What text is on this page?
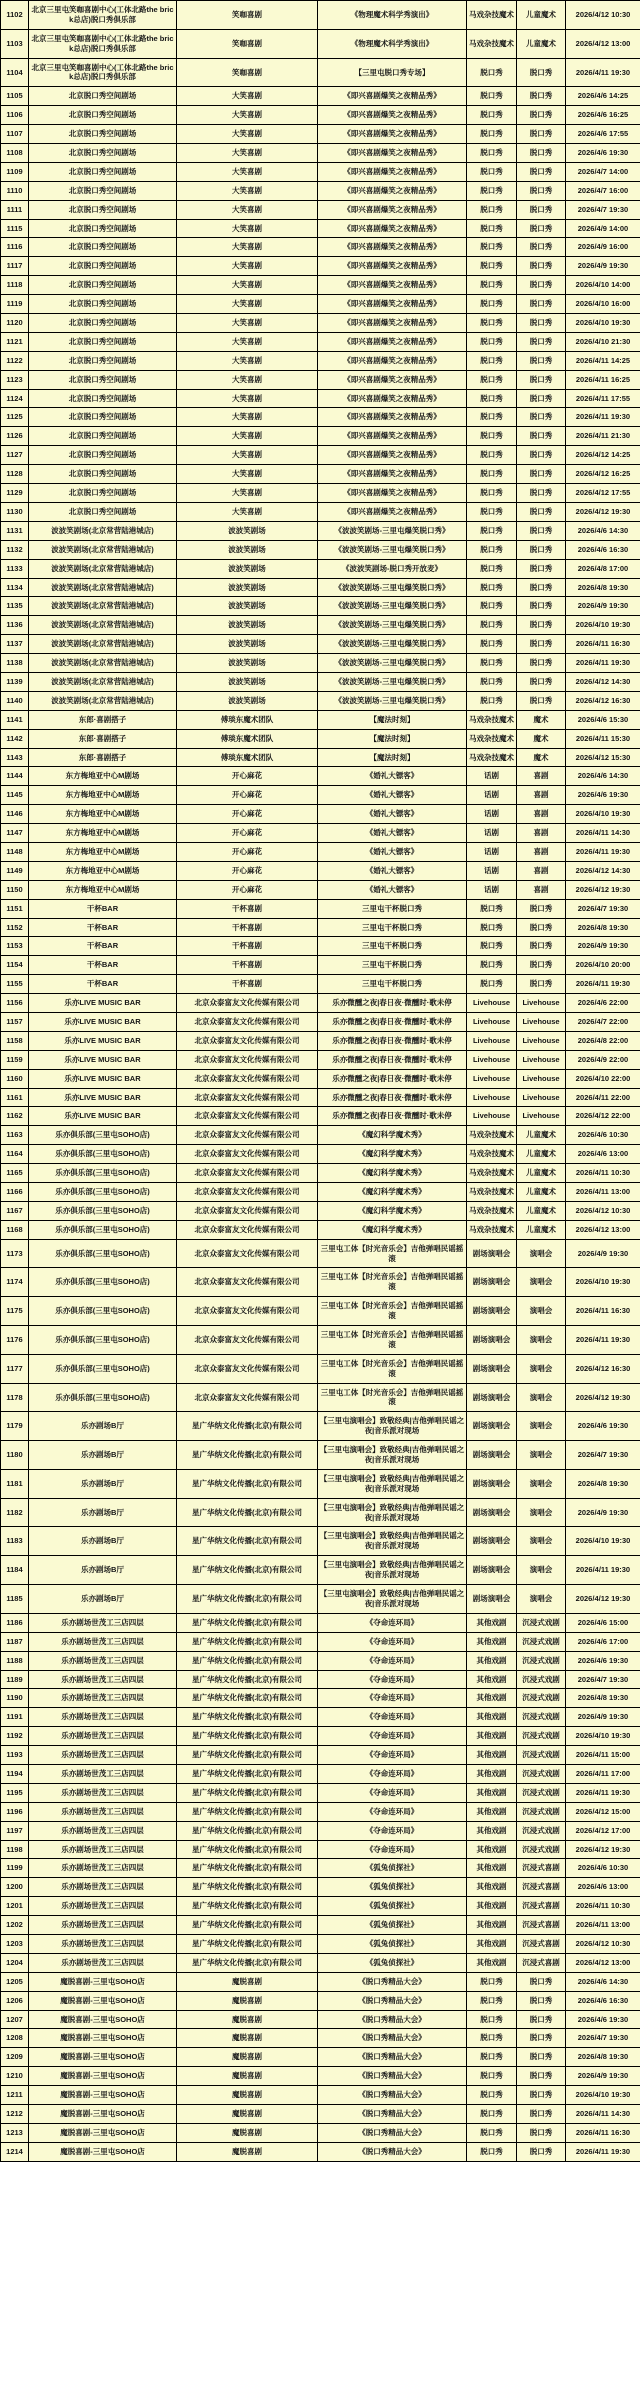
1102	北京三里屯笑咖喜剧中心(工体北路the brick总店)脱口秀俱乐部	笑咖喜剧	《物理魔术科学秀演出》	马戏杂技魔术	儿童魔术	2026/4/12 10:30
1103	北京三里屯笑咖喜剧中心(工体北路the brick总店)脱口秀俱乐部	笑咖喜剧	《物理魔术科学秀演出》	马戏杂技魔术	儿童魔术	2026/4/12 13:00
1104	北京三里屯笑咖喜剧中心(工体北路the brick总店)脱口秀俱乐部	笑咖喜剧	【三里屯脱口秀专场】	脱口秀	脱口秀	2026/4/11 19:30
1105	北京脱口秀空间剧场	大笑喜剧	《即兴喜剧爆笑之夜精品秀》	脱口秀	脱口秀	2026/4/6 14:25
1106	北京脱口秀空间剧场	大笑喜剧	《即兴喜剧爆笑之夜精品秀》	脱口秀	脱口秀	2026/4/6 16:25
1107	北京脱口秀空间剧场	大笑喜剧	《即兴喜剧爆笑之夜精品秀》	脱口秀	脱口秀	2026/4/6 17:55
1108	北京脱口秀空间剧场	大笑喜剧	《即兴喜剧爆笑之夜精品秀》	脱口秀	脱口秀	2026/4/6 19:30
1109	北京脱口秀空间剧场	大笑喜剧	《即兴喜剧爆笑之夜精品秀》	脱口秀	脱口秀	2026/4/7 14:00
1110	北京脱口秀空间剧场	大笑喜剧	《即兴喜剧爆笑之夜精品秀》	脱口秀	脱口秀	2026/4/7 16:00
1111	北京脱口秀空间剧场	大笑喜剧	《即兴喜剧爆笑之夜精品秀》	脱口秀	脱口秀	2026/4/7 19:30
1115	北京脱口秀空间剧场	大笑喜剧	《即兴喜剧爆笑之夜精品秀》	脱口秀	脱口秀	2026/4/9 14:00
1116	北京脱口秀空间剧场	大笑喜剧	《即兴喜剧爆笑之夜精品秀》	脱口秀	脱口秀	2026/4/9 16:00
1117	北京脱口秀空间剧场	大笑喜剧	《即兴喜剧爆笑之夜精品秀》	脱口秀	脱口秀	2026/4/9 19:30
1118	北京脱口秀空间剧场	大笑喜剧	《即兴喜剧爆笑之夜精品秀》	脱口秀	脱口秀	2026/4/10 14:00
1119	北京脱口秀空间剧场	大笑喜剧	《即兴喜剧爆笑之夜精品秀》	脱口秀	脱口秀	2026/4/10 16:00
1120	北京脱口秀空间剧场	大笑喜剧	《即兴喜剧爆笑之夜精品秀》	脱口秀	脱口秀	2026/4/10 19:30
1121	北京脱口秀空间剧场	大笑喜剧	《即兴喜剧爆笑之夜精品秀》	脱口秀	脱口秀	2026/4/10 21:30
1122	北京脱口秀空间剧场	大笑喜剧	《即兴喜剧爆笑之夜精品秀》	脱口秀	脱口秀	2026/4/11 14:25
1123	北京脱口秀空间剧场	大笑喜剧	《即兴喜剧爆笑之夜精品秀》	脱口秀	脱口秀	2026/4/11 16:25
1124	北京脱口秀空间剧场	大笑喜剧	《即兴喜剧爆笑之夜精品秀》	脱口秀	脱口秀	2026/4/11 17:55
1125	北京脱口秀空间剧场	大笑喜剧	《即兴喜剧爆笑之夜精品秀》	脱口秀	脱口秀	2026/4/11 19:30
1126	北京脱口秀空间剧场	大笑喜剧	《即兴喜剧爆笑之夜精品秀》	脱口秀	脱口秀	2026/4/11 21:30
1127	北京脱口秀空间剧场	大笑喜剧	《即兴喜剧爆笑之夜精品秀》	脱口秀	脱口秀	2026/4/12 14:25
1128	北京脱口秀空间剧场	大笑喜剧	《即兴喜剧爆笑之夜精品秀》	脱口秀	脱口秀	2026/4/12 16:25
1129	北京脱口秀空间剧场	大笑喜剧	《即兴喜剧爆笑之夜精品秀》	脱口秀	脱口秀	2026/4/12 17:55
1130	北京脱口秀空间剧场	大笑喜剧	《即兴喜剧爆笑之夜精品秀》	脱口秀	脱口秀	2026/4/12 19:30
1131	波波笑剧场(北京常营陆港城店)	波波笑剧场	《波波笑剧场-三里屯爆笑脱口秀》	脱口秀	脱口秀	2026/4/6 14:30
1132	波波笑剧场(北京常营陆港城店)	波波笑剧场	《波波笑剧场-三里屯爆笑脱口秀》	脱口秀	脱口秀	2026/4/6 16:30
1133	波波笑剧场(北京常营陆港城店)	波波笑剧场	《波波笑剧场-脱口秀开放麦》	脱口秀	脱口秀	2026/4/8 17:00
1134	波波笑剧场(北京常营陆港城店)	波波笑剧场	《波波笑剧场-三里屯爆笑脱口秀》	脱口秀	脱口秀	2026/4/8 19:30
1135	波波笑剧场(北京常营陆港城店)	波波笑剧场	《波波笑剧场-三里屯爆笑脱口秀》	脱口秀	脱口秀	2026/4/9 19:30
1136	波波笑剧场(北京常营陆港城店)	波波笑剧场	《波波笑剧场-三里屯爆笑脱口秀》	脱口秀	脱口秀	2026/4/10 19:30
1137	波波笑剧场(北京常营陆港城店)	波波笑剧场	《波波笑剧场-三里屯爆笑脱口秀》	脱口秀	脱口秀	2026/4/11 16:30
1138	波波笑剧场(北京常营陆港城店)	波波笑剧场	《波波笑剧场-三里屯爆笑脱口秀》	脱口秀	脱口秀	2026/4/11 19:30
1139	波波笑剧场(北京常营陆港城店)	波波笑剧场	《波波笑剧场-三里屯爆笑脱口秀》	脱口秀	脱口秀	2026/4/12 14:30
1140	波波笑剧场(北京常营陆港城店)	波波笑剧场	《波波笑剧场-三里屯爆笑脱口秀》	脱口秀	脱口秀	2026/4/12 16:30
1141	东郎·喜剧搭子	傅琰东魔术团队	【魔法时刻】	马戏杂技魔术	魔术	2026/4/6 15:30
1142	东郎·喜剧搭子	傅琰东魔术团队	【魔法时刻】	马戏杂技魔术	魔术	2026/4/11 15:30
1143	东郎·喜剧搭子	傅琰东魔术团队	【魔法时刻】	马戏杂技魔术	魔术	2026/4/12 15:30
1144	东方梅地亚中心M剧场	开心麻花	《婚礼大镖客》	话剧	喜剧	2026/4/6 14:30
1145	东方梅地亚中心M剧场	开心麻花	《婚礼大镖客》	话剧	喜剧	2026/4/6 19:30
1146	东方梅地亚中心M剧场	开心麻花	《婚礼大镖客》	话剧	喜剧	2026/4/10 19:30
1147	东方梅地亚中心M剧场	开心麻花	《婚礼大镖客》	话剧	喜剧	2026/4/11 14:30
1148	东方梅地亚中心M剧场	开心麻花	《婚礼大镖客》	话剧	喜剧	2026/4/11 19:30
1149	东方梅地亚中心M剧场	开心麻花	《婚礼大镖客》	话剧	喜剧	2026/4/12 14:30
1150	东方梅地亚中心M剧场	开心麻花	《婚礼大镖客》	话剧	喜剧	2026/4/12 19:30
1151	干杯BAR	干杯喜剧	三里屯干杯脱口秀	脱口秀	脱口秀	2026/4/7 19:30
1152	干杯BAR	干杯喜剧	三里屯干杯脱口秀	脱口秀	脱口秀	2026/4/8 19:30
1153	干杯BAR	干杯喜剧	三里屯干杯脱口秀	脱口秀	脱口秀	2026/4/9 19:30
1154	干杯BAR	干杯喜剧	三里屯干杯脱口秀	脱口秀	脱口秀	2026/4/10 20:00
1155	干杯BAR	干杯喜剧	三里屯干杯脱口秀	脱口秀	脱口秀	2026/4/11 19:30
1156	乐亦LIVE MUSIC BAR	北京众泰富友文化传媒有限公司	乐亦微醺之夜|春日夜·微醺时·歌未停	Livehouse	Livehouse	2026/4/6 22:00
1157	乐亦LIVE MUSIC BAR	北京众泰富友文化传媒有限公司	乐亦微醺之夜|春日夜·微醺时·歌未停	Livehouse	Livehouse	2026/4/7 22:00
1158	乐亦LIVE MUSIC BAR	北京众泰富友文化传媒有限公司	乐亦微醺之夜|春日夜·微醺时·歌未停	Livehouse	Livehouse	2026/4/8 22:00
1159	乐亦LIVE MUSIC BAR	北京众泰富友文化传媒有限公司	乐亦微醺之夜|春日夜·微醺时·歌未停	Livehouse	Livehouse	2026/4/9 22:00
1160	乐亦LIVE MUSIC BAR	北京众泰富友文化传媒有限公司	乐亦微醺之夜|春日夜·微醺时·歌未停	Livehouse	Livehouse	2026/4/10 22:00
1161	乐亦LIVE MUSIC BAR	北京众泰富友文化传媒有限公司	乐亦微醺之夜|春日夜·微醺时·歌未停	Livehouse	Livehouse	2026/4/11 22:00
1162	乐亦LIVE MUSIC BAR	北京众泰富友文化传媒有限公司	乐亦微醺之夜|春日夜·微醺时·歌未停	Livehouse	Livehouse	2026/4/12 22:00
1163	乐亦俱乐部(三里屯SOHO店)	北京众泰富友文化传媒有限公司	《魔幻科学魔术秀》	马戏杂技魔术	儿童魔术	2026/4/6 10:30
1164	乐亦俱乐部(三里屯SOHO店)	北京众泰富友文化传媒有限公司	《魔幻科学魔术秀》	马戏杂技魔术	儿童魔术	2026/4/6 13:00
1165	乐亦俱乐部(三里屯SOHO店)	北京众泰富友文化传媒有限公司	《魔幻科学魔术秀》	马戏杂技魔术	儿童魔术	2026/4/11 10:30
1166	乐亦俱乐部(三里屯SOHO店)	北京众泰富友文化传媒有限公司	《魔幻科学魔术秀》	马戏杂技魔术	儿童魔术	2026/4/11 13:00
1167	乐亦俱乐部(三里屯SOHO店)	北京众泰富友文化传媒有限公司	《魔幻科学魔术秀》	马戏杂技魔术	儿童魔术	2026/4/12 10:30
1168	乐亦俱乐部(三里屯SOHO店)	北京众泰富友文化传媒有限公司	《魔幻科学魔术秀》	马戏杂技魔术	儿童魔术	2026/4/12 13:00
1173	乐亦俱乐部(三里屯SOHO店)	北京众泰富友文化传媒有限公司	三里屯工体【时光音乐会】吉他弹唱民谣摇滚	剧场演唱会	演唱会	2026/4/9 19:30
1174	乐亦俱乐部(三里屯SOHO店)	北京众泰富友文化传媒有限公司	三里屯工体【时光音乐会】吉他弹唱民谣摇滚	剧场演唱会	演唱会	2026/4/10 19:30
1175	乐亦俱乐部(三里屯SOHO店)	北京众泰富友文化传媒有限公司	三里屯工体【时光音乐会】吉他弹唱民谣摇滚	剧场演唱会	演唱会	2026/4/11 16:30
1176	乐亦俱乐部(三里屯SOHO店)	北京众泰富友文化传媒有限公司	三里屯工体【时光音乐会】吉他弹唱民谣摇滚	剧场演唱会	演唱会	2026/4/11 19:30
1177	乐亦俱乐部(三里屯SOHO店)	北京众泰富友文化传媒有限公司	三里屯工体【时光音乐会】吉他弹唱民谣摇滚	剧场演唱会	演唱会	2026/4/12 16:30
1178	乐亦俱乐部(三里屯SOHO店)	北京众泰富友文化传媒有限公司	三里屯工体【时光音乐会】吉他弹唱民谣摇滚	剧场演唱会	演唱会	2026/4/12 19:30
1179	乐亦剧场B厅	星广华纳文化传播(北京)有限公司	【三里屯演唱会】致敬经典|吉他弹唱民谣之夜|音乐派对现场	剧场演唱会	演唱会	2026/4/6 19:30
1180	乐亦剧场B厅	星广华纳文化传播(北京)有限公司	【三里屯演唱会】致敬经典|吉他弹唱民谣之夜|音乐派对现场	剧场演唱会	演唱会	2026/4/7 19:30
1181	乐亦剧场B厅	星广华纳文化传播(北京)有限公司	【三里屯演唱会】致敬经典|吉他弹唱民谣之夜|音乐派对现场	剧场演唱会	演唱会	2026/4/8 19:30
1182	乐亦剧场B厅	星广华纳文化传播(北京)有限公司	【三里屯演唱会】致敬经典|吉他弹唱民谣之夜|音乐派对现场	剧场演唱会	演唱会	2026/4/9 19:30
1183	乐亦剧场B厅	星广华纳文化传播(北京)有限公司	【三里屯演唱会】致敬经典|吉他弹唱民谣之夜|音乐派对现场	剧场演唱会	演唱会	2026/4/10 19:30
1184	乐亦剧场B厅	星广华纳文化传播(北京)有限公司	【三里屯演唱会】致敬经典|吉他弹唱民谣之夜|音乐派对现场	剧场演唱会	演唱会	2026/4/11 19:30
1185	乐亦剧场B厅	星广华纳文化传播(北京)有限公司	【三里屯演唱会】致敬经典|吉他弹唱民谣之夜|音乐派对现场	剧场演唱会	演唱会	2026/4/12 19:30
1186	乐亦剧场世茂工三店四层	星广华纳文化传播(北京)有限公司	《夺命连环局》	其他戏剧	沉浸式戏剧	2026/4/6 15:00
1187	乐亦剧场世茂工三店四层	星广华纳文化传播(北京)有限公司	《夺命连环局》	其他戏剧	沉浸式戏剧	2026/4/6 17:00
1188	乐亦剧场世茂工三店四层	星广华纳文化传播(北京)有限公司	《夺命连环局》	其他戏剧	沉浸式戏剧	2026/4/6 19:30
1189	乐亦剧场世茂工三店四层	星广华纳文化传播(北京)有限公司	《夺命连环局》	其他戏剧	沉浸式戏剧	2026/4/7 19:30
1190	乐亦剧场世茂工三店四层	星广华纳文化传播(北京)有限公司	《夺命连环局》	其他戏剧	沉浸式戏剧	2026/4/8 19:30
1191	乐亦剧场世茂工三店四层	星广华纳文化传播(北京)有限公司	《夺命连环局》	其他戏剧	沉浸式戏剧	2026/4/9 19:30
1192	乐亦剧场世茂工三店四层	星广华纳文化传播(北京)有限公司	《夺命连环局》	其他戏剧	沉浸式戏剧	2026/4/10 19:30
1193	乐亦剧场世茂工三店四层	星广华纳文化传播(北京)有限公司	《夺命连环局》	其他戏剧	沉浸式戏剧	2026/4/11 15:00
1194	乐亦剧场世茂工三店四层	星广华纳文化传播(北京)有限公司	《夺命连环局》	其他戏剧	沉浸式戏剧	2026/4/11 17:00
1195	乐亦剧场世茂工三店四层	星广华纳文化传播(北京)有限公司	《夺命连环局》	其他戏剧	沉浸式戏剧	2026/4/11 19:30
1196	乐亦剧场世茂工三店四层	星广华纳文化传播(北京)有限公司	《夺命连环局》	其他戏剧	沉浸式戏剧	2026/4/12 15:00
1197	乐亦剧场世茂工三店四层	星广华纳文化传播(北京)有限公司	《夺命连环局》	其他戏剧	沉浸式戏剧	2026/4/12 17:00
1198	乐亦剧场世茂工三店四层	星广华纳文化传播(北京)有限公司	《夺命连环局》	其他戏剧	沉浸式戏剧	2026/4/12 19:30
1199	乐亦剧场世茂工三店四层	星广华纳文化传播(北京)有限公司	《狐兔侦探社》	其他戏剧	沉浸式喜剧	2026/4/6 10:30
1200	乐亦剧场世茂工三店四层	星广华纳文化传播(北京)有限公司	《狐兔侦探社》	其他戏剧	沉浸式喜剧	2026/4/6 13:00
1201	乐亦剧场世茂工三店四层	星广华纳文化传播(北京)有限公司	《狐兔侦探社》	其他戏剧	沉浸式喜剧	2026/4/11 10:30
1202	乐亦剧场世茂工三店四层	星广华纳文化传播(北京)有限公司	《狐兔侦探社》	其他戏剧	沉浸式喜剧	2026/4/11 13:00
1203	乐亦剧场世茂工三店四层	星广华纳文化传播(北京)有限公司	《狐兔侦探社》	其他戏剧	沉浸式喜剧	2026/4/12 10:30
1204	乐亦剧场世茂工三店四层	星广华纳文化传播(北京)有限公司	《狐兔侦探社》	其他戏剧	沉浸式喜剧	2026/4/12 13:00
1205	魔脱喜剧-三里屯SOHO店	魔脱喜剧	《脱口秀精品大会》	脱口秀	脱口秀	2026/4/6 14:30
1206	魔脱喜剧-三里屯SOHO店	魔脱喜剧	《脱口秀精品大会》	脱口秀	脱口秀	2026/4/6 16:30
1207	魔脱喜剧-三里屯SOHO店	魔脱喜剧	《脱口秀精品大会》	脱口秀	脱口秀	2026/4/6 19:30
1208	魔脱喜剧-三里屯SOHO店	魔脱喜剧	《脱口秀精品大会》	脱口秀	脱口秀	2026/4/7 19:30
1209	魔脱喜剧-三里屯SOHO店	魔脱喜剧	《脱口秀精品大会》	脱口秀	脱口秀	2026/4/8 19:30
1210	魔脱喜剧-三里屯SOHO店	魔脱喜剧	《脱口秀精品大会》	脱口秀	脱口秀	2026/4/9 19:30
1211	魔脱喜剧-三里屯SOHO店	魔脱喜剧	《脱口秀精品大会》	脱口秀	脱口秀	2026/4/10 19:30
1212	魔脱喜剧-三里屯SOHO店	魔脱喜剧	《脱口秀精品大会》	脱口秀	脱口秀	2026/4/11 14:30
1213	魔脱喜剧-三里屯SOHO店	魔脱喜剧	《脱口秀精品大会》	脱口秀	脱口秀	2026/4/11 16:30
1214	魔脱喜剧-三里屯SOHO店	魔脱喜剧	《脱口秀精品大会》	脱口秀	脱口秀	2026/4/11 19:30
